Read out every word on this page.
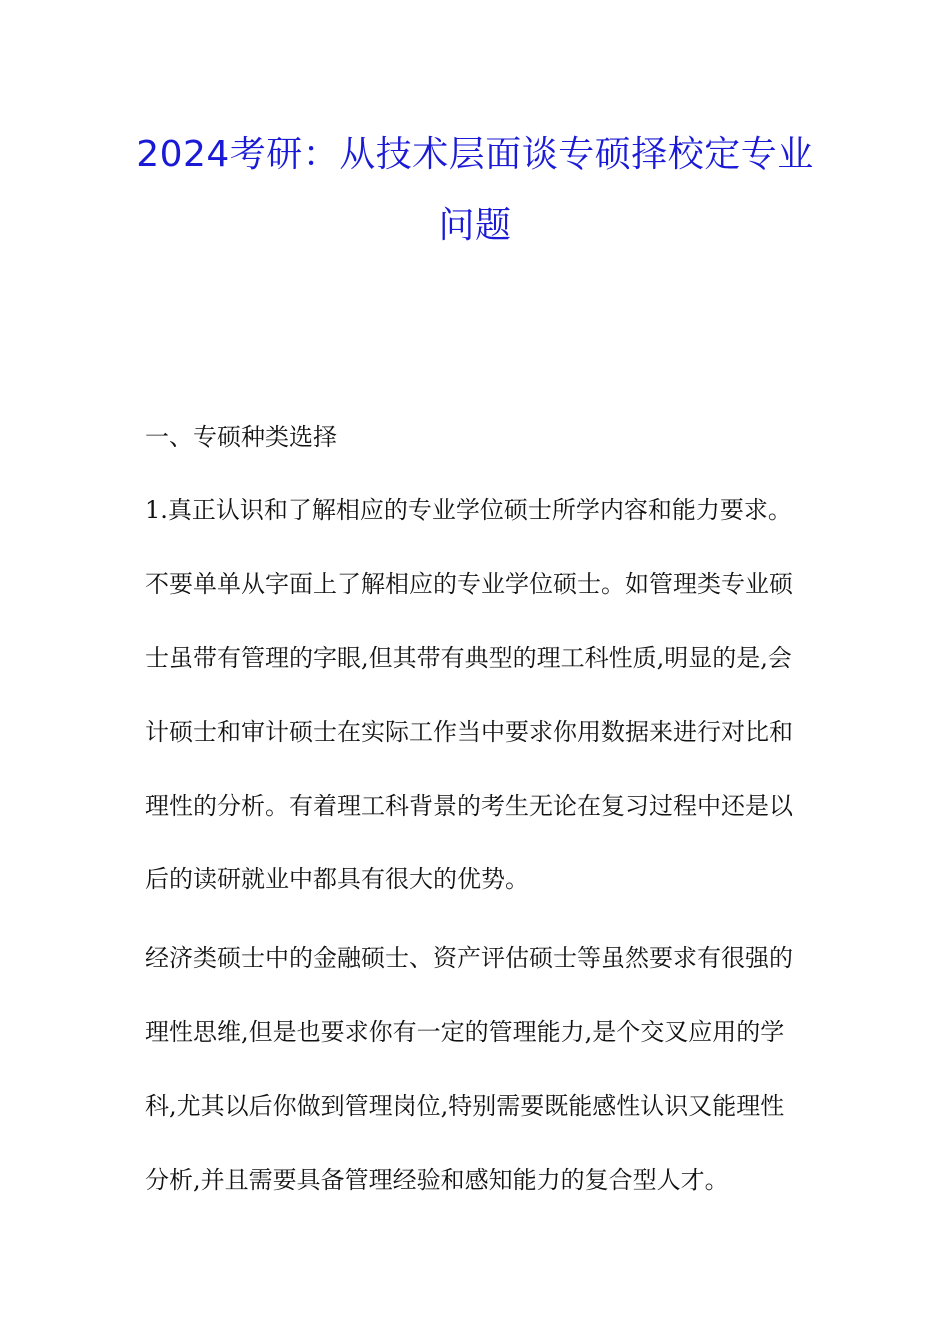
2024考研：从技术层面谈专硕择校定专业
问题
一、专硕种类选择
1.真正认识和了解相应的专业学位硕士所学内容和能力要求。
不要单单从字面上了解相应的专业学位硕士。如管理类专业硕
士虽带有管理的字眼,但其带有典型的理工科性质,明显的是,会
计硕士和审计硕士在实际工作当中要求你用数据来进行对比和
理性的分析。有着理工科背景的考生无论在复习过程中还是以
后的读研就业中都具有很大的优势。
经济类硕士中的金融硕士、资产评估硕士等虽然要求有很强的
理性思维,但是也要求你有一定的管理能力,是个交叉应用的学
科,尤其以后你做到管理岗位,特别需要既能感性认识又能理性
分析,并且需要具备管理经验和感知能力的复合型人才。
